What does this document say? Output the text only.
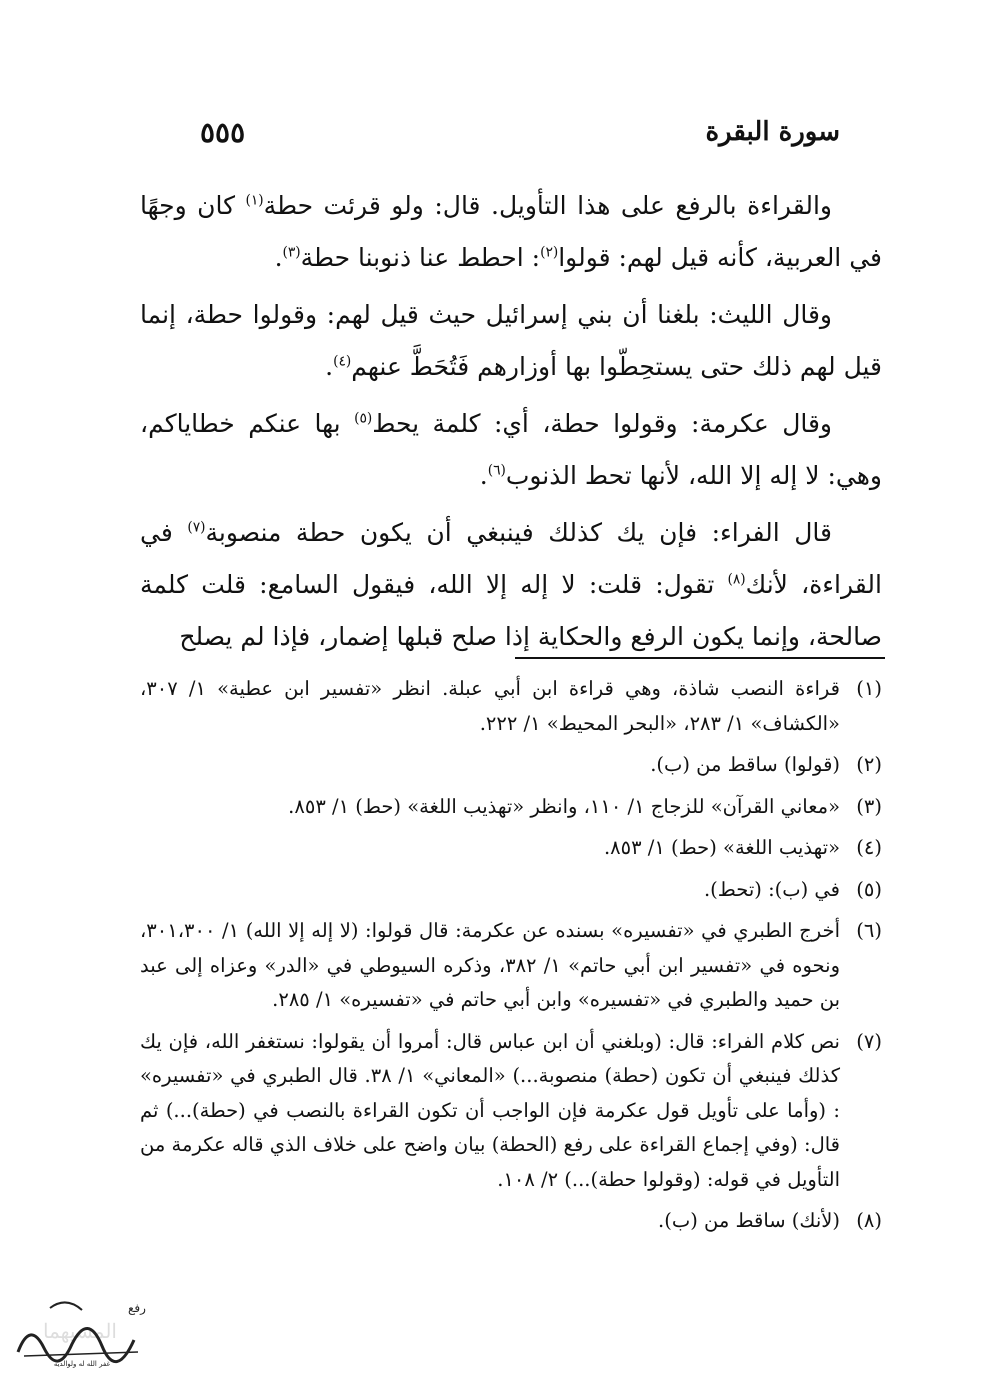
سورة البقرة
٥٥٥

والقراءة بالرفع على هذا التأويل. قال: ولو قرئت حطة$^{(١)}$ كان وجهًا في العربية، كأنه قيل لهم: قولوا$^{(٢)}$: احطط عنا ذنوبنا حطة$^{(٣)}$.

وقال الليث: بلغنا أن بني إسرائيل حيث قيل لهم: وقولوا حطة، إنما قيل لهم ذلك حتى يستحِطّوا بها أوزارهم فَتُحَطَّ عنهم$^{(٤)}$.

وقال عكرمة: وقولوا حطة، أي: كلمة يحط$^{(٥)}$ بها عنكم خطاياكم، وهي: لا إله إلا الله، لأنها تحط الذنوب$^{(٦)}$.

قال الفراء: فإن يك كذلك فينبغي أن يكون حطة منصوبة$^{(٧)}$ في القراءة، لأنك$^{(٨)}$ تقول: قلت: لا إله إلا الله، فيقول السامع: قلت كلمة صالحة، وإنما يكون الرفع والحكاية إذا صلح قبلها إضمار، فإذا لم يصلح

(١)
قراءة النصب شاذة، وهي قراءة ابن أبي عبلة. انظر «تفسير ابن عطية» ١/ ٣٠٧، «الكشاف» ١/ ٢٨٣، «البحر المحيط» ١/ ٢٢٢.
(٢)
(قولوا) ساقط من (ب).
(٣)
«معاني القرآن» للزجاج ١/ ١١٠، وانظر «تهذيب اللغة» (حط) ١/ ٨٥٣.
(٤)
«تهذيب اللغة» (حط) ١/ ٨٥٣.
(٥)
في (ب): (تحط).
(٦)
أخرج الطبري في «تفسيره» بسنده عن عكرمة: قال قولوا: (لا إله إلا الله) ١/ ٣٠١،٣٠٠، ونحوه في «تفسير ابن أبي حاتم» ١/ ٣٨٢، وذكره السيوطي في «الدر» وعزاه إلى عبد بن حميد والطبري في «تفسيره» وابن أبي حاتم في «تفسيره» ١/ ٢٨٥.
(٧)
نص كلام الفراء: قال: (وبلغني أن ابن عباس قال: أمروا أن يقولوا: نستغفر الله، فإن يك كذلك فينبغي أن تكون (حطة) منصوبة...) «المعاني» ١/ ٣٨. قال الطبري في «تفسيره» : (وأما على تأويل قول عكرمة فإن الواجب أن تكون القراءة بالنصب في (حطة)...) ثم قال: (وفي إجماع القراءة على رفع (الحطة) بيان واضح على خلاف الذي قاله عكرمة من التأويل في قوله: (وقولوا حطة)...) ٢/ ١٠٨.
(٨)
(لأنك) ساقط من (ب).
رفع
المسيهما
غفر الله له ولوالديه
